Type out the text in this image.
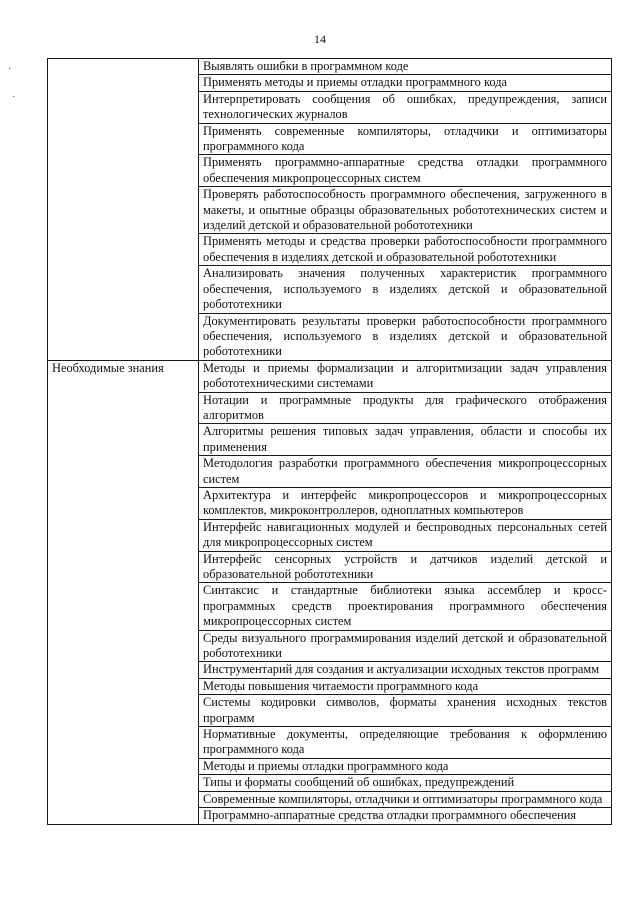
14
·
·
	Выявлять ошибки в программном коде
	Применять методы и приемы отладки программного кода
	Интерпретировать сообщения об ошибках, предупреждения, записи технологических журналов
	Применять современные компиляторы, отладчики и оптимизаторы программного кода
	Применять программно-аппаратные средства отладки программного обеспечения микропроцессорных систем
	Проверять работоспособность программного обеспечения, загруженного в макеты, и опытные образцы образовательных робототехнических систем и изделий детской и образовательной робототехники
	Применять методы и средства проверки работоспособности программного обеспечения в изделиях детской и образовательной робототехники
	Анализировать значения полученных характеристик программного обеспечения, используемого в изделиях детской и образовательной робототехники
	Документировать результаты проверки работоспособности программного обеспечения, используемого в изделиях детской и образовательной робототехники
Необходимые знания	Методы и приемы формализации и алгоритмизации задач управления робототехническими системами
	Нотации и программные продукты для графического отображения алгоритмов
	Алгоритмы решения типовых задач управления, области и способы их применения
	Методология разработки программного обеспечения микропроцессорных систем
	Архитектура и интерфейс микропроцессоров и микропроцессорных комплектов, микроконтроллеров, одноплатных компьютеров
	Интерфейс навигационных модулей и беспроводных персональных сетей для микропроцессорных систем
	Интерфейс сенсорных устройств и датчиков изделий детской и образовательной робототехники
	Синтаксис и стандартные библиотеки языка ассемблер и кросс-программных средств проектирования программного обеспечения микропроцессорных систем
	Среды визуального программирования изделий детской и образовательной робототехники
	Инструментарий для создания и актуализации исходных текстов программ
	Методы повышения читаемости программного кода
	Системы кодировки символов, форматы хранения исходных текстов программ
	Нормативные документы, определяющие требования к оформлению программного кода
	Методы и приемы отладки программного кода
	Типы и форматы сообщений об ошибках, предупреждений
	Современные компиляторы, отладчики и оптимизаторы программного кода
	Программно-аппаратные средства отладки программного обеспечения
